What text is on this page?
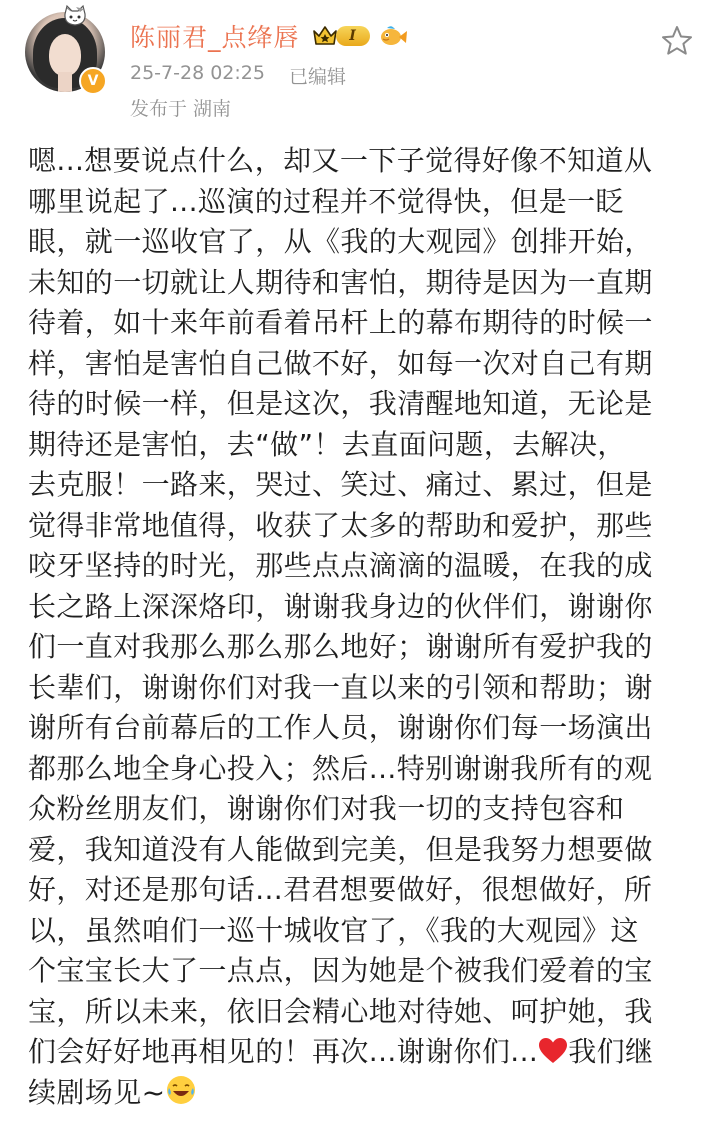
V
陈丽君_点绛唇	I
25-7-28 02:25 已编辑
发布于 湖南
嗯...想要说点什么，却又一下子觉得好像不知道从
哪里说起了...巡演的过程并不觉得快，但是一眨
眼，就一巡收官了，从《我的大观园》创排开始，
未知的一切就让人期待和害怕，期待是因为一直期
待着，如十来年前看着吊杆上的幕布期待的时候一
样，害怕是害怕自己做不好，如每一次对自己有期
待的时候一样，但是这次，我清醒地知道，无论是
期待还是害怕，去“做”！去直面问题，去解决，
去克服！一路来，哭过、笑过、痛过、累过，但是
觉得非常地值得，收获了太多的帮助和爱护，那些
咬牙坚持的时光，那些点点滴滴的温暖，在我的成
长之路上深深烙印，谢谢我身边的伙伴们，谢谢你
们一直对我那么那么那么地好；谢谢所有爱护我的
长辈们，谢谢你们对我一直以来的引领和帮助；谢
谢所有台前幕后的工作人员，谢谢你们每一场演出
都那么地全身心投入；然后...特别谢谢我所有的观
众粉丝朋友们，谢谢你们对我一切的支持包容和
爱，我知道没有人能做到完美，但是我努力想要做
好，对还是那句话...君君想要做好，很想做好，所
以，虽然咱们一巡十城收官了，《我的大观园》这
个宝宝长大了一点点，因为她是个被我们爱着的宝
宝，所以未来，依旧会精心地对待她、呵护她，我
们会好好地再相见的！再次...谢谢你们... 我们继
续剧场见~
